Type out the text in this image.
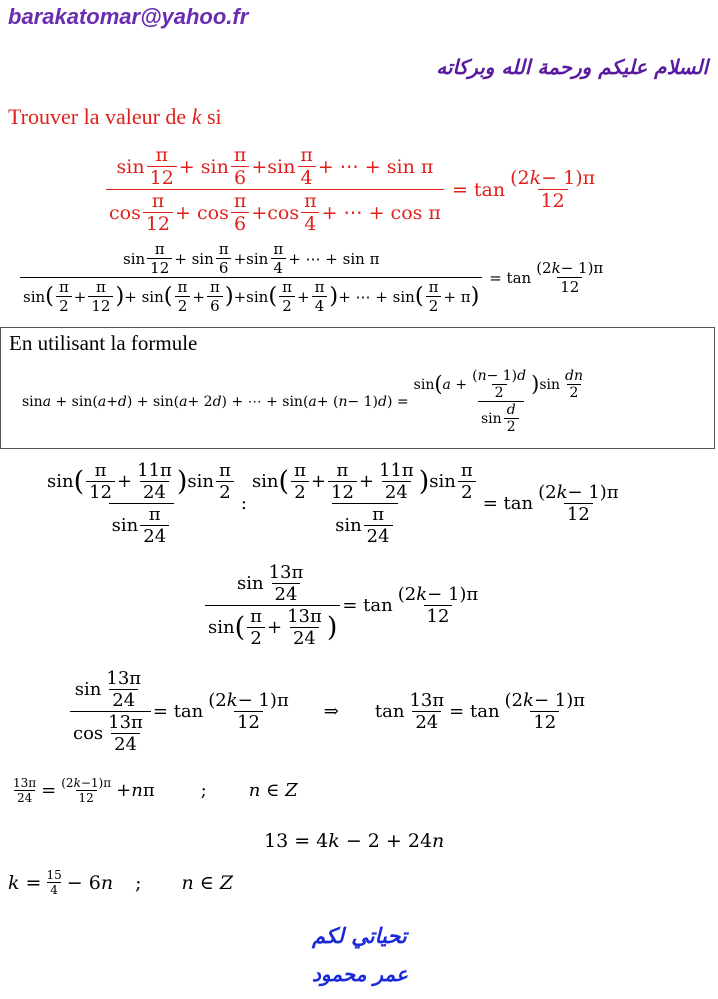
barakatomar@yahoo.fr
السلام عليكم ورحمة الله وبركاته
Trouver la valeur de k si
$\frac{\sin \frac{\pi}{12} + \sin \frac{\pi}{6} +\sin \frac{\pi}{4} + \cdots + \sin \pi}{\cos \frac{\pi}{12} + \cos \frac{\pi}{6} +\cos \frac{\pi}{4} + \cdots + \cos \pi} = \tan \frac{(2 k - 1)\pi}{12}$
$\frac{\sin \frac{\pi}{12} + \sin \frac{\pi}{6} +\sin \frac{\pi}{4} + \cdots + \sin \pi}{\sin ( \frac{\pi}{2} + \frac{\pi}{12} ) + \sin ( \frac{\pi}{2} + \frac{\pi}{6} ) +\sin ( \frac{\pi}{2} + \frac{\pi}{4} ) + \cdots + \sin ( \frac{\pi}{2} + \pi )} = \tan \frac{(2 k - 1)\pi}{12}$
En utilisant la formule
sin a + sin( a + d ) + sin( a + 2 d ) + ⋯ + sin( a + ( n − 1) d ) = $\frac{\sin ( a + \frac{( n - 1) d}{2} ) \sin \frac{dn}{2}}{\sin \frac{d}{2}}$
$\frac{\sin ( \frac{\pi}{12} + \frac{11\pi}{24} ) \sin \frac{\pi}{2}}{\sin \frac{\pi}{24}}$ : $\frac{\sin ( \frac{\pi}{2} + \frac{\pi}{12} + \frac{11\pi}{24} ) \sin \frac{\pi}{2}}{\sin \frac{\pi}{24}} = \tan \frac{(2 k - 1)\pi}{12}$
$\frac{\sin \frac{13\pi}{24}}{\sin ( \frac{\pi}{2} + \frac{13\pi}{24} )} = \tan \frac{(2 k - 1)\pi}{12}$
$\frac{\sin \frac{13\pi}{24}}{\cos \frac{13\pi}{24}} = \tan \frac{(2 k - 1)\pi}{12}$ ⇒ $\tan \frac{13\pi}{24} = \tan \frac{(2 k - 1)\pi}{12}$
$\frac{13\pi}{24} = \frac{(2 k -1)\pi}{12} + n$ π	; n ∈ Z
13 = 4 k − 2 + 24 n
$k = \frac{15}{4} - 6$ n ; n ∈ Z
تحياتي لكم
عمر محمود
